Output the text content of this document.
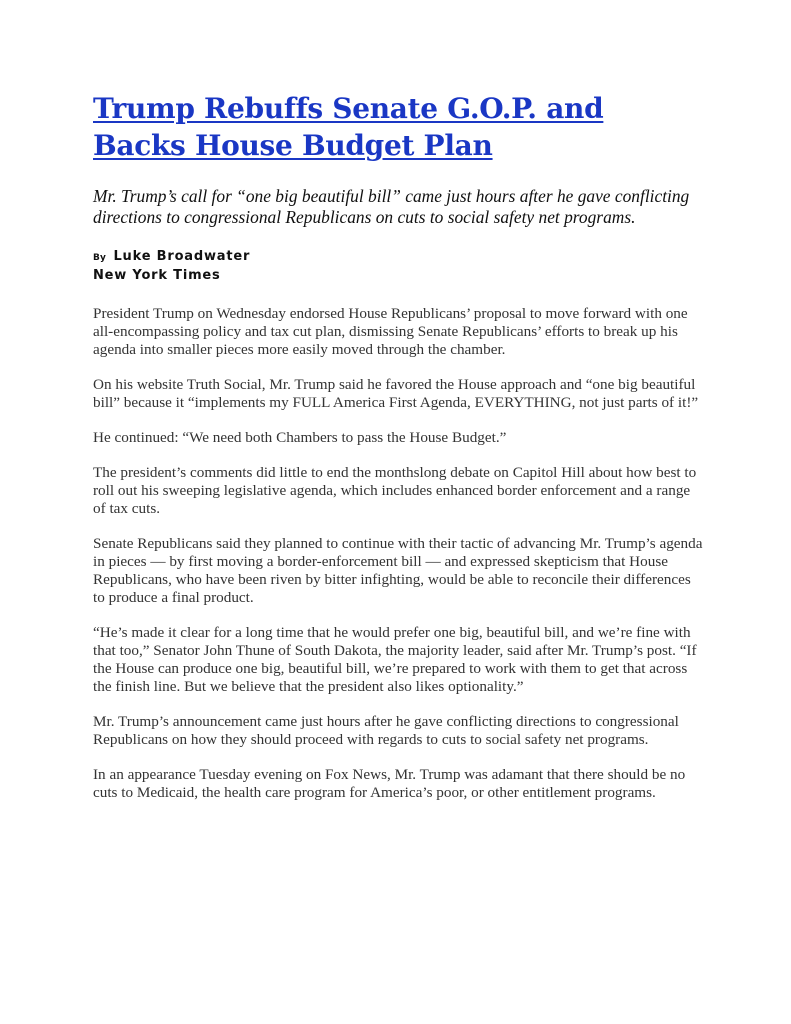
Trump Rebuffs Senate G.O.P. and Backs House Budget Plan
Mr. Trump’s call for “one big beautiful bill” came just hours after he gave conflicting directions to congressional Republicans on cuts to social safety net programs.
By Luke Broadwater
New York Times

President Trump on Wednesday endorsed House Republicans’ proposal to move forward with one all-encompassing policy and tax cut plan, dismissing Senate Republicans’ efforts to break up his agenda into smaller pieces more easily moved through the chamber.

On his website Truth Social, Mr. Trump said he favored the House approach and “one big beautiful bill” because it “implements my FULL America First Agenda, EVERYTHING, not just parts of it!”

He continued: “We need both Chambers to pass the House Budget.”

The president’s comments did little to end the monthslong debate on Capitol Hill about how best to roll out his sweeping legislative agenda, which includes enhanced border enforcement and a range of tax cuts.

Senate Republicans said they planned to continue with their tactic of advancing Mr. Trump’s agenda in pieces — by first moving a border-enforcement bill — and expressed skepticism that House Republicans, who have been riven by bitter infighting, would be able to reconcile their differences to produce a final product.

“He’s made it clear for a long time that he would prefer one big, beautiful bill, and we’re fine with that too,” Senator John Thune of South Dakota, the majority leader, said after Mr. Trump’s post. “If the House can produce one big, beautiful bill, we’re prepared to work with them to get that across the finish line. But we believe that the president also likes optionality.”

Mr. Trump’s announcement came just hours after he gave conflicting directions to congressional Republicans on how they should proceed with regards to cuts to social safety net programs.

In an appearance Tuesday evening on Fox News, Mr. Trump was adamant that there should be no cuts to Medicaid, the health care program for America’s poor, or other entitlement programs.
